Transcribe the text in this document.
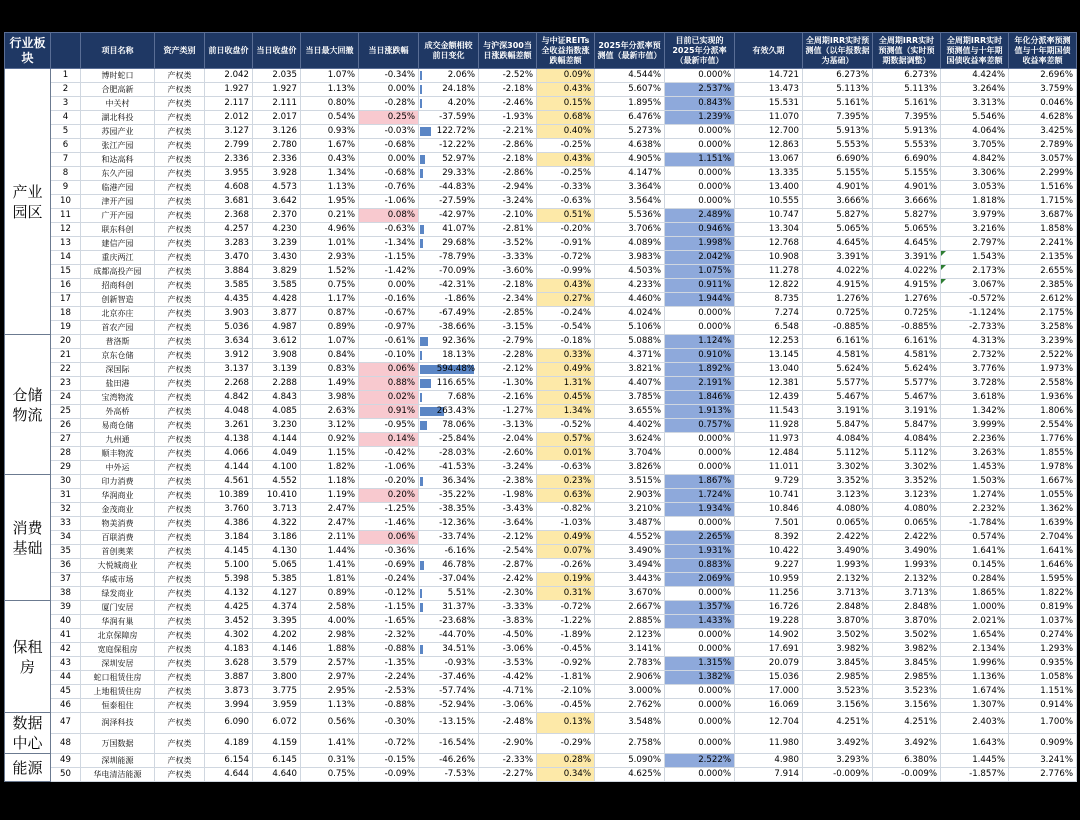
行业板块		项目名称	资产类别	前日收盘价	当日收盘价	当日最大回撤	当日涨跌幅	成交金额相较前日变化	与沪深300当日涨跌幅差额	与中证REITs全收益指数涨跌幅差额	2025年分派率预测值（最新市值）	目前已实现的2025年分派率（最新市值）	有效久期	全周期IRR实时预测值（以年报数据为基础）	全周期IRR实时预测值（实时预期数据调整）	全周期IRR实时预测值与十年期国债收益率差额	年化分派率预测值与十年期国债收益率差额
产业
园区	1	博时蛇口	产权类	2.042	2.035	1.07%	-0.34%	2.06%	-2.52%	0.09%	4.544%	0.000%	14.721	6.273%	6.273%	4.424%	2.696%
	2	合肥高新	产权类	1.927	1.927	1.13%	0.00%	24.18%	-2.18%	0.43%	5.607%	2.537%	13.473	5.113%	5.113%	3.264%	3.759%
	3	中关村	产权类	2.117	2.111	0.80%	-0.28%	4.20%	-2.46%	0.15%	1.895%	0.843%	15.531	5.161%	5.161%	3.313%	0.046%
	4	湖北科投	产权类	2.012	2.017	0.54%	0.25%	-37.59%	-1.93%	0.68%	6.476%	1.239%	11.070	7.395%	7.395%	5.546%	4.628%
	5	苏园产业	产权类	3.127	3.126	0.93%	-0.03%	122.72%	-2.21%	0.40%	5.273%	0.000%	12.700	5.913%	5.913%	4.064%	3.425%
	6	张江产园	产权类	2.799	2.780	1.67%	-0.68%	-12.22%	-2.86%	-0.25%	4.638%	0.000%	12.863	5.553%	5.553%	3.705%	2.789%
	7	和达高科	产权类	2.336	2.336	0.43%	0.00%	52.97%	-2.18%	0.43%	4.905%	1.151%	13.067	6.690%	6.690%	4.842%	3.057%
	8	东久产园	产权类	3.955	3.928	1.34%	-0.68%	29.33%	-2.86%	-0.25%	4.147%	0.000%	13.335	5.155%	5.155%	3.306%	2.299%
	9	临港产园	产权类	4.608	4.573	1.13%	-0.76%	-44.83%	-2.94%	-0.33%	3.364%	0.000%	13.400	4.901%	4.901%	3.053%	1.516%
	10	津开产园	产权类	3.681	3.642	1.95%	-1.06%	-27.59%	-3.24%	-0.63%	3.564%	0.000%	10.555	3.666%	3.666%	1.818%	1.715%
	11	广开产园	产权类	2.368	2.370	0.21%	0.08%	-42.97%	-2.10%	0.51%	5.536%	2.489%	10.747	5.827%	5.827%	3.979%	3.687%
	12	联东科创	产权类	4.257	4.230	4.96%	-0.63%	41.07%	-2.81%	-0.20%	3.706%	0.946%	13.304	5.065%	5.065%	3.216%	1.858%
	13	建信产园	产权类	3.283	3.239	1.01%	-1.34%	29.68%	-3.52%	-0.91%	4.089%	1.998%	12.768	4.645%	4.645%	2.797%	2.241%
	14	重庆两江	产权类	3.470	3.430	2.93%	-1.15%	-78.79%	-3.33%	-0.72%	3.983%	2.042%	10.908	3.391%	3.391%	1.543%	2.135%
	15	成都高投产园	产权类	3.884	3.829	1.52%	-1.42%	-70.09%	-3.60%	-0.99%	4.503%	1.075%	11.278	4.022%	4.022%	2.173%	2.655%
	16	招商科创	产权类	3.585	3.585	0.75%	0.00%	-42.31%	-2.18%	0.43%	4.233%	0.911%	12.822	4.915%	4.915%	3.067%	2.385%
	17	创新智造	产权类	4.435	4.428	1.17%	-0.16%	-1.86%	-2.34%	0.27%	4.460%	1.944%	8.735	1.276%	1.276%	-0.572%	2.612%
	18	北京亦庄	产权类	3.903	3.877	0.87%	-0.67%	-67.49%	-2.85%	-0.24%	4.024%	0.000%	7.274	0.725%	0.725%	-1.124%	2.175%
	19	首农产园	产权类	5.036	4.987	0.89%	-0.97%	-38.66%	-3.15%	-0.54%	5.106%	0.000%	6.548	-0.885%	-0.885%	-2.733%	3.258%
仓储
物流	20	普洛斯	产权类	3.634	3.612	1.07%	-0.61%	92.36%	-2.79%	-0.18%	5.088%	1.124%	12.253	6.161%	6.161%	4.313%	3.239%
	21	京东仓储	产权类	3.912	3.908	0.84%	-0.10%	18.13%	-2.28%	0.33%	4.371%	0.910%	13.145	4.581%	4.581%	2.732%	2.522%
	22	深国际	产权类	3.137	3.139	0.83%	0.06%	594.48%	-2.12%	0.49%	3.821%	1.892%	13.040	5.624%	5.624%	3.776%	1.973%
	23	盐田港	产权类	2.268	2.288	1.49%	0.88%	116.65%	-1.30%	1.31%	4.407%	2.191%	12.381	5.577%	5.577%	3.728%	2.558%
	24	宝湾物流	产权类	4.842	4.843	3.98%	0.02%	7.68%	-2.16%	0.45%	3.785%	1.846%	12.439	5.467%	5.467%	3.618%	1.936%
	25	外高桥	产权类	4.048	4.085	2.63%	0.91%	263.43%	-1.27%	1.34%	3.655%	1.913%	11.543	3.191%	3.191%	1.342%	1.806%
	26	易商仓储	产权类	3.261	3.230	3.12%	-0.95%	78.06%	-3.13%	-0.52%	4.402%	0.757%	11.928	5.847%	5.847%	3.999%	2.554%
	27	九州通	产权类	4.138	4.144	0.92%	0.14%	-25.84%	-2.04%	0.57%	3.624%	0.000%	11.973	4.084%	4.084%	2.236%	1.776%
	28	顺丰物流	产权类	4.066	4.049	1.15%	-0.42%	-28.03%	-2.60%	0.01%	3.704%	0.000%	12.484	5.112%	5.112%	3.263%	1.855%
	29	中外运	产权类	4.144	4.100	1.82%	-1.06%	-41.53%	-3.24%	-0.63%	3.826%	0.000%	11.011	3.302%	3.302%	1.453%	1.978%
消费
基础	30	印力消费	产权类	4.561	4.552	1.18%	-0.20%	36.34%	-2.38%	0.23%	3.515%	1.867%	9.729	3.352%	3.352%	1.503%	1.667%
	31	华润商业	产权类	10.389	10.410	1.19%	0.20%	-35.22%	-1.98%	0.63%	2.903%	1.724%	10.741	3.123%	3.123%	1.274%	1.055%
	32	金茂商业	产权类	3.760	3.713	2.47%	-1.25%	-38.35%	-3.43%	-0.82%	3.210%	1.934%	10.846	4.080%	4.080%	2.232%	1.362%
	33	物美消费	产权类	4.386	4.322	2.47%	-1.46%	-12.36%	-3.64%	-1.03%	3.487%	0.000%	7.501	0.065%	0.065%	-1.784%	1.639%
	34	百联消费	产权类	3.184	3.186	2.11%	0.06%	-33.74%	-2.12%	0.49%	4.552%	2.265%	8.392	2.422%	2.422%	0.574%	2.704%
	35	首创奥莱	产权类	4.145	4.130	1.44%	-0.36%	-6.16%	-2.54%	0.07%	3.490%	1.931%	10.422	3.490%	3.490%	1.641%	1.641%
	36	大悦城商业	产权类	5.100	5.065	1.41%	-0.69%	46.78%	-2.87%	-0.26%	3.494%	0.883%	9.227	1.993%	1.993%	0.145%	1.646%
	37	华威市场	产权类	5.398	5.385	1.81%	-0.24%	-37.04%	-2.42%	0.19%	3.443%	2.069%	10.959	2.132%	2.132%	0.284%	1.595%
	38	绿发商业	产权类	4.132	4.127	0.89%	-0.12%	5.51%	-2.30%	0.31%	3.670%	0.000%	11.256	3.713%	3.713%	1.865%	1.822%
保租
房	39	厦门安居	产权类	4.425	4.374	2.58%	-1.15%	31.37%	-3.33%	-0.72%	2.667%	1.357%	16.726	2.848%	2.848%	1.000%	0.819%
	40	华润有巢	产权类	3.452	3.395	4.00%	-1.65%	-23.68%	-3.83%	-1.22%	2.885%	1.433%	19.228	3.870%	3.870%	2.021%	1.037%
	41	北京保障房	产权类	4.302	4.202	2.98%	-2.32%	-44.70%	-4.50%	-1.89%	2.123%	0.000%	14.902	3.502%	3.502%	1.654%	0.274%
	42	宽庭保租房	产权类	4.183	4.146	1.88%	-0.88%	34.51%	-3.06%	-0.45%	3.141%	0.000%	17.691	3.982%	3.982%	2.134%	1.293%
	43	深圳安居	产权类	3.628	3.579	2.57%	-1.35%	-0.93%	-3.53%	-0.92%	2.783%	1.315%	20.079	3.845%	3.845%	1.996%	0.935%
	44	蛇口租赁住房	产权类	3.887	3.800	2.97%	-2.24%	-37.46%	-4.42%	-1.81%	2.906%	1.382%	15.036	2.985%	2.985%	1.136%	1.058%
	45	上地租赁住房	产权类	3.873	3.775	2.95%	-2.53%	-57.74%	-4.71%	-2.10%	3.000%	0.000%	17.000	3.523%	3.523%	1.674%	1.151%
	46	恒泰租住	产权类	3.994	3.959	1.13%	-0.88%	-52.94%	-3.06%	-0.45%	2.762%	0.000%	16.069	3.156%	3.156%	1.307%	0.914%
数据
中心	47	润泽科技	产权类	6.090	6.072	0.56%	-0.30%	-13.15%	-2.48%	0.13%	3.548%	0.000%	12.704	4.251%	4.251%	2.403%	1.700%
	48	万国数据	产权类	4.189	4.159	1.41%	-0.72%	-16.54%	-2.90%	-0.29%	2.758%	0.000%	11.980	3.492%	3.492%	1.643%	0.909%
能源	49	深圳能源	产权类	6.154	6.145	0.31%	-0.15%	-46.26%	-2.33%	0.28%	5.090%	2.522%	4.980	3.293%	6.380%	1.445%	3.241%
	50	华电清洁能源	产权类	4.644	4.640	0.75%	-0.09%	-7.53%	-2.27%	0.34%	4.625%	0.000%	7.914	-0.009%	-0.009%	-1.857%	2.776%
